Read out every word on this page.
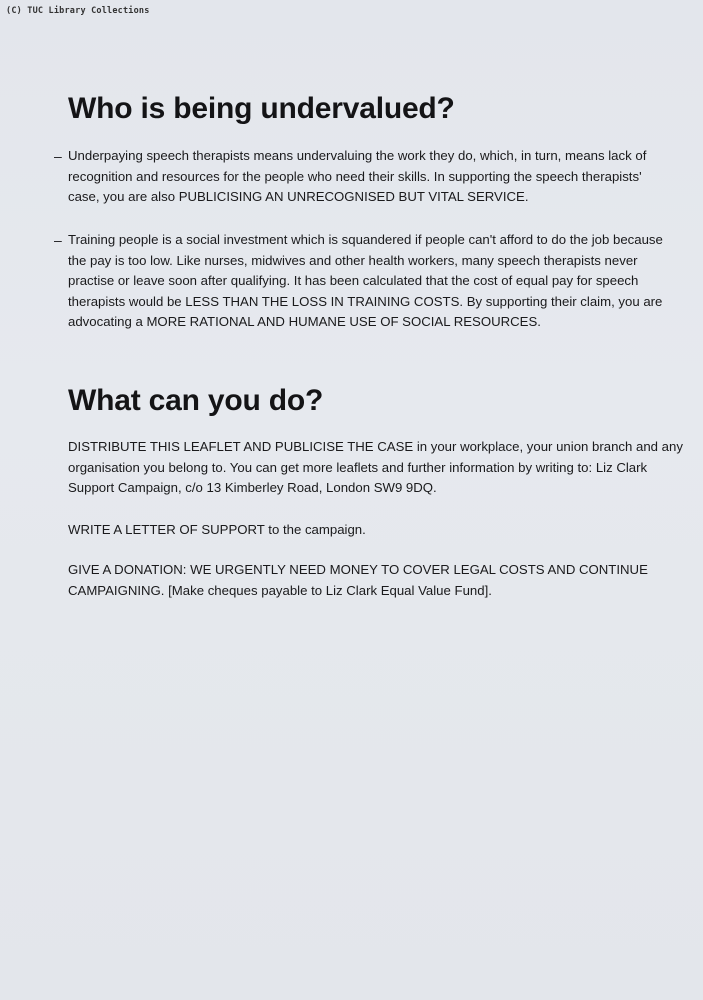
(C) TUC Library Collections
Who is being undervalued?
– Underpaying speech therapists means undervaluing the work they do, which, in turn, means lack of
recognition and resources for the people who need their skills. In supporting the speech therapists'
case, you are also PUBLICISING AN UNRECOGNISED BUT VITAL SERVICE.
– Training people is a social investment which is squandered if people can't afford to do the job because
the pay is too low. Like nurses, midwives and other health workers, many speech therapists never
practise or leave soon after qualifying. It has been calculated that the cost of equal pay for speech
therapists would be LESS THAN THE LOSS IN TRAINING COSTS. By supporting their claim, you are
advocating a MORE RATIONAL AND HUMANE USE OF SOCIAL RESOURCES.
What can you do?
DISTRIBUTE THIS LEAFLET AND PUBLICISE THE CASE in your workplace, your union branch and any
organisation you belong to. You can get more leaflets and further information by writing to: Liz Clark
Support Campaign, c/o 13 Kimberley Road, London SW9 9DQ.
WRITE A LETTER OF SUPPORT to the campaign.
GIVE A DONATION: WE URGENTLY NEED MONEY TO COVER LEGAL COSTS AND CONTINUE
CAMPAIGNING. [Make cheques payable to Liz Clark Equal Value Fund].
